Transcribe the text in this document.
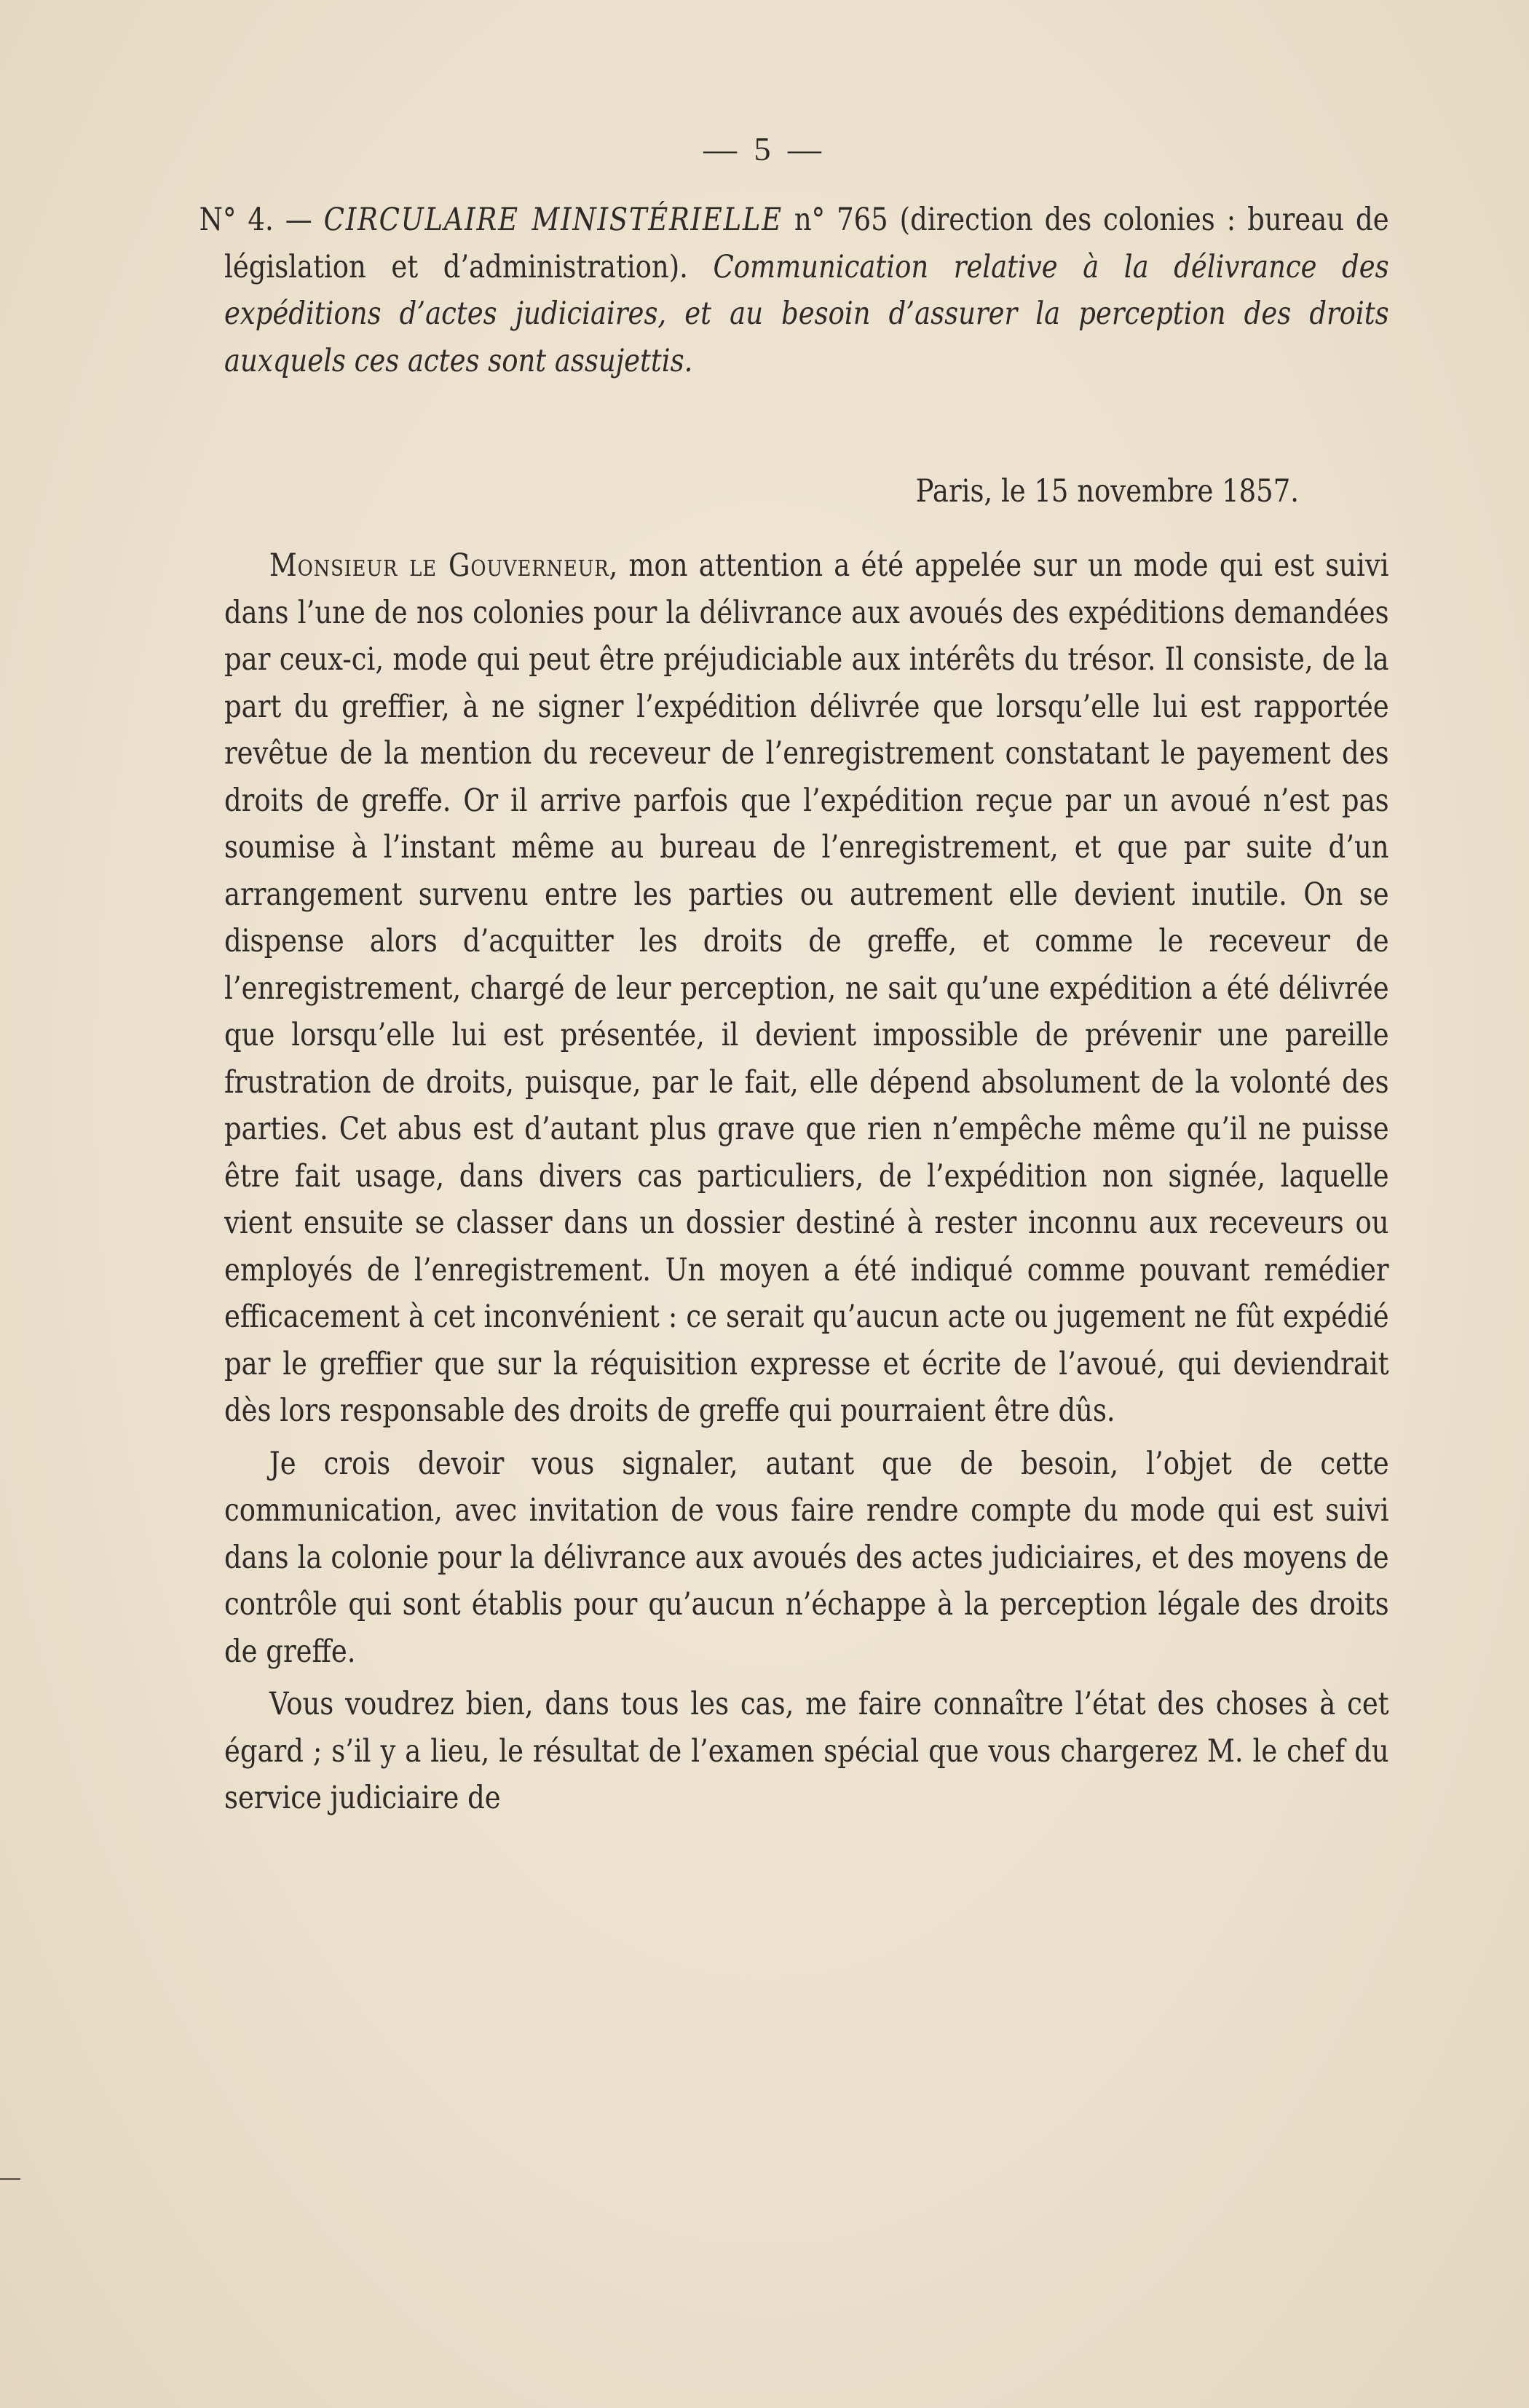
— 5 —
N° 4. — CIRCULAIRE MINISTÉRIELLE n° 765 (direction des colonies : bureau de législation et d’administration). Communication relative à la délivrance des expéditions d’actes judiciaires, et au besoin d’assurer la perception des droits auxquels ces actes sont assujettis.
Paris, le 15 novembre 1857.

Monsieur le Gouverneur, mon attention a été appelée sur un mode qui est suivi dans l’une de nos colonies pour la délivrance aux avoués des expéditions demandées par ceux-ci, mode qui peut être préjudiciable aux intérêts du trésor. Il consiste, de la part du greffier, à ne signer l’expédition délivrée que lorsqu’elle lui est rapportée revêtue de la mention du receveur de l’enregistrement constatant le payement des droits de greffe. Or il arrive parfois que l’expédition reçue par un avoué n’est pas soumise à l’instant même au bureau de l’enregistrement, et que par suite d’un arrangement survenu entre les parties ou autrement elle devient inutile. On se dispense alors d’acquitter les droits de greffe, et comme le receveur de l’enregistrement, chargé de leur perception, ne sait qu’une expédition a été délivrée que lorsqu’elle lui est présentée, il devient impossible de prévenir une pareille frustration de droits, puisque, par le fait, elle dépend absolument de la volonté des parties. Cet abus est d’autant plus grave que rien n’empêche même qu’il ne puisse être fait usage, dans divers cas particuliers, de l’expédition non signée, laquelle vient ensuite se classer dans un dossier destiné à rester inconnu aux receveurs ou employés de l’enregistrement. Un moyen a été indiqué comme pouvant remédier efficacement à cet inconvénient : ce serait qu’aucun acte ou jugement ne fût expédié par le greffier que sur la réquisition expresse et écrite de l’avoué, qui deviendrait dès lors responsable des droits de greffe qui pourraient être dûs.

Je crois devoir vous signaler, autant que de besoin, l’objet de cette communication, avec invitation de vous faire rendre compte du mode qui est suivi dans la colonie pour la délivrance aux avoués des actes judiciaires, et des moyens de contrôle qui sont établis pour qu’aucun n’échappe à la perception légale des droits de greffe.

Vous voudrez bien, dans tous les cas, me faire connaître l’état des choses à cet égard ; s’il y a lieu, le résultat de l’examen spécial que vous chargerez M. le chef du service judiciaire de
